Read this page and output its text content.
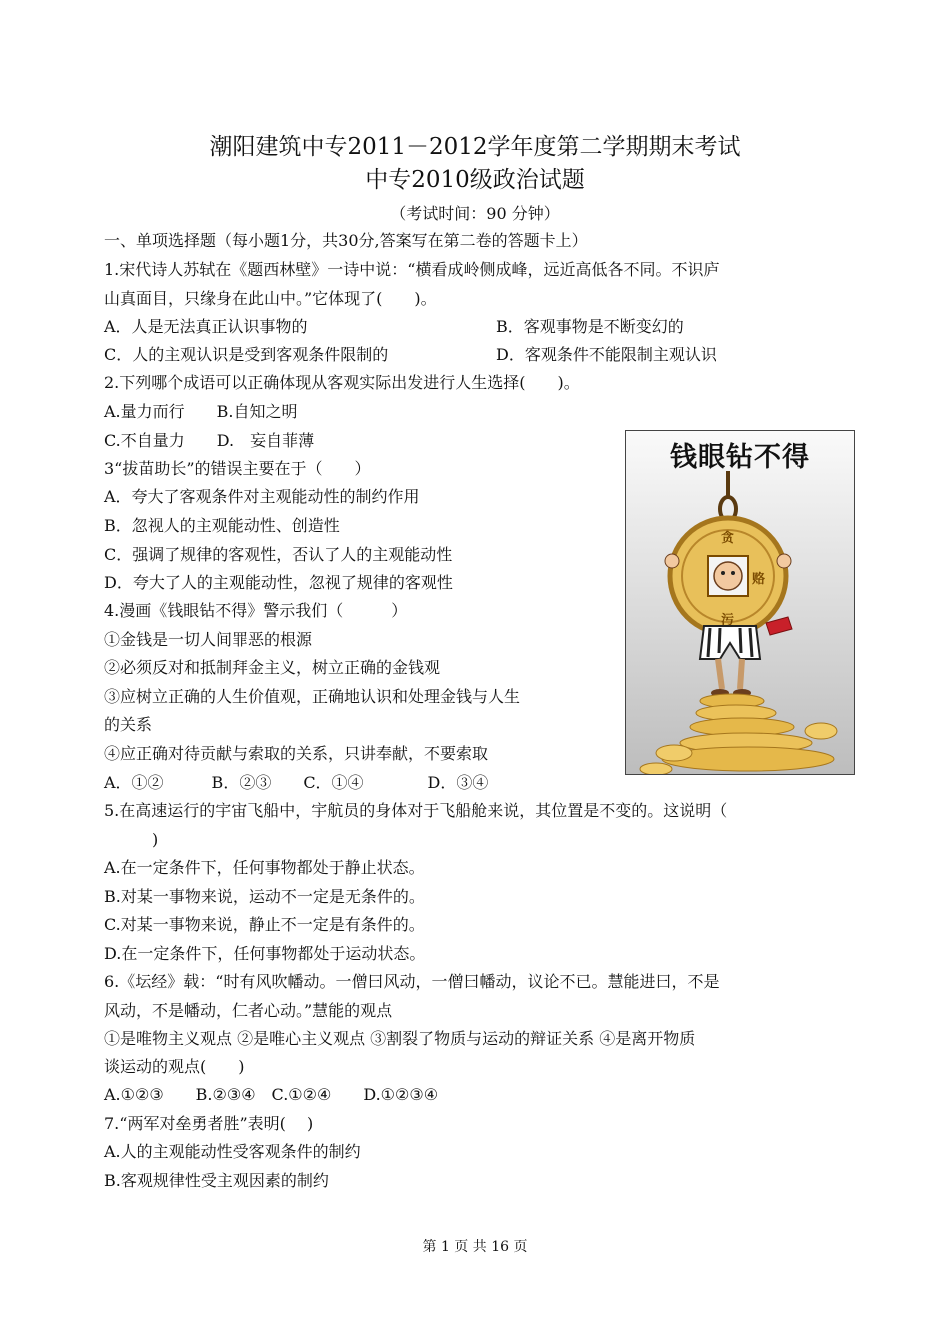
潮阳建筑中专2011－2012学年度第二学期期末考试
中专2010级政治试题
（考试时间：90 分钟）
一、单项选择题（每小题1分，共30分,答案写在第二卷的答题卡上）
1.宋代诗人苏轼在《题西林壁》一诗中说：“横看成岭侧成峰，远近高低各不同。不识庐
山真面目，只缘身在此山中。”它体现了(　　)。
A．人是无法真正认识事物的	B．客观事物是不断变幻的
C．人的主观认识是受到客观条件限制的	D．客观条件不能限制主观认识
2.下列哪个成语可以正确体现从客观实际出发进行人生选择(　　)。
A.量力而行　　B.自知之明
C.不自量力　　D.　妄自菲薄
3“拔苗助长”的错误主要在于（　　）
A．夸大了客观条件对主观能动性的制约作用
B．忽视人的主观能动性、创造性
C．强调了规律的客观性，否认了人的主观能动性
D．夸大了人的主观能动性，忽视了规律的客观性
4.漫画《钱眼钻不得》警示我们（　　　）
①金钱是一切人间罪恶的根源
②必须反对和抵制拜金主义，树立正确的金钱观
③应树立正确的人生价值观，正确地认识和处理金钱与人生
的关系
④应正确对待贡献与索取的关系，只讲奉献，不要索取
A．①②　　　B．②③　　C．①④　　　　D．③④
钱眼钻不得
贪
赂
污
5.在高速运行的宇宙飞船中，宇航员的身体对于飞船舱来说，其位置是不变的。这说明（
　　　)
A.在一定条件下，任何事物都处于静止状态。
B.对某一事物来说，运动不一定是无条件的。
C.对某一事物来说，静止不一定是有条件的。
D.在一定条件下，任何事物都处于运动状态。
6.《坛经》载：“时有风吹幡动。一僧曰风动，一僧曰幡动，议论不已。慧能进曰，不是
风动，不是幡动，仁者心动。”慧能的观点
①是唯物主义观点 ②是唯心主义观点 ③割裂了物质与运动的辩证关系 ④是离开物质
谈运动的观点(　　)
A.①②③　　B.②③④　C.①②④　　D.①②③④
7.“两军对垒勇者胜”表明(　 )
A.人的主观能动性受客观条件的制约
B.客观规律性受主观因素的制约
第 1 页 共 16 页
